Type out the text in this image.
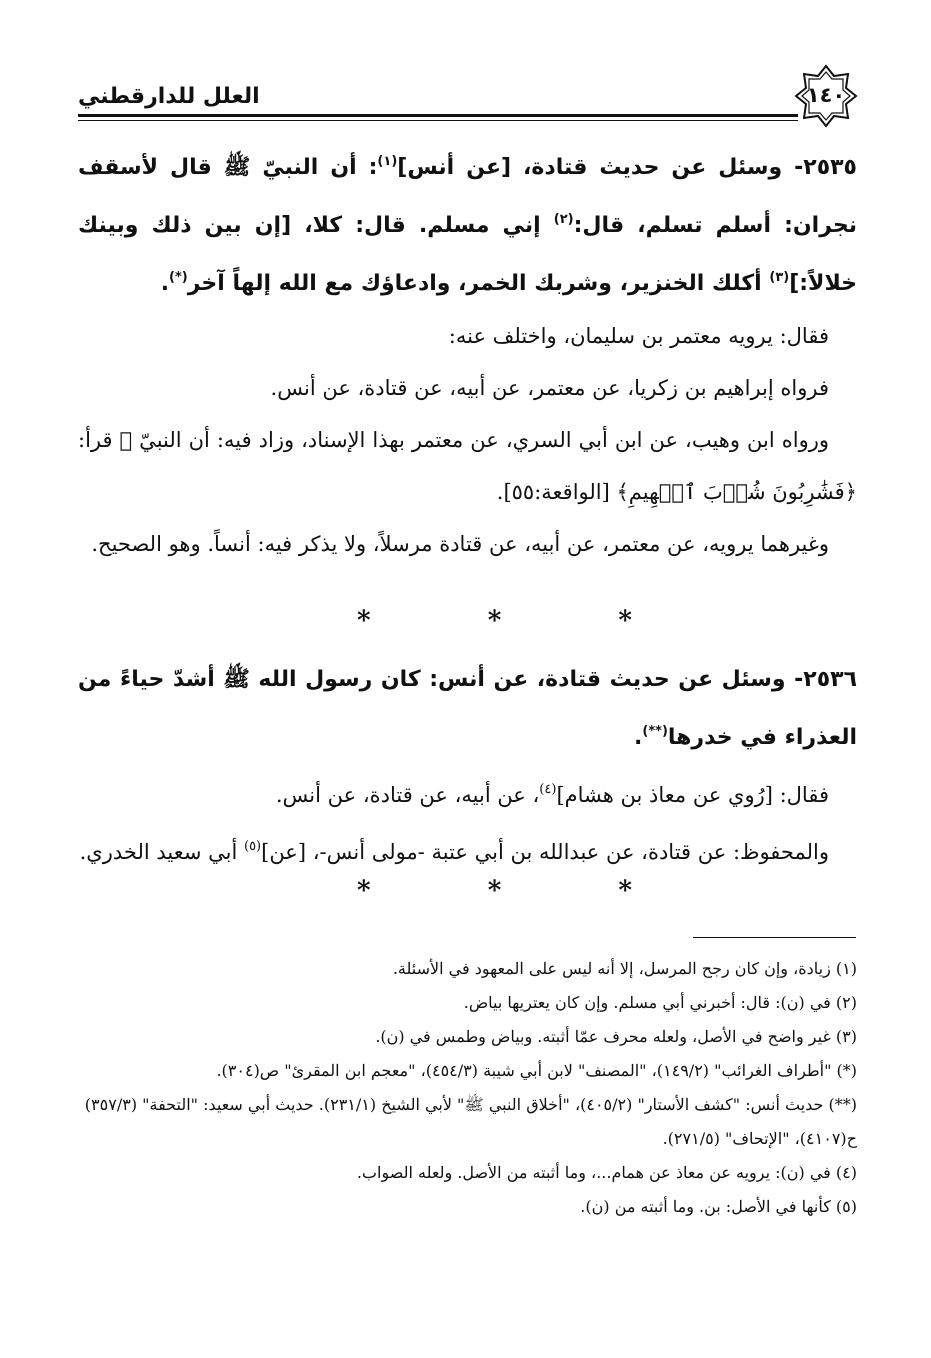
١٤٠
العلل للدارقطني

٢٥٣٥- وسئل عن حديث قتادة، [عن أنس]$^{(١)}$: أن النبيّ ﷺ قال لأسقف نجران: أسلم تسلم، قال:$^{(٢)}$ إني مسلم. قال: كلا، [إن بين ذلك وبينك خلالاً:]$^{(٣)}$ أكلك الخنزير، وشربك الخمر، وادعاؤك مع الله إلهاً آخر(*).

فقال: يرويه معتمر بن سليمان، واختلف عنه:

فرواه إبراهيم بن زكريا، عن معتمر، عن أبيه، عن قتادة، عن أنس.

ورواه ابن وهيب، عن ابن أبي السري، عن معتمر بهذا الإسناد، وزاد فيه: أن النبيّ ﷺ قرأ: ﴿فَشَٰرِبُونَ شُرۡبَ ٱلۡهِيمِ﴾ [الواقعة:٥٥].

وغيرهما يرويه، عن معتمر، عن أبيه، عن قتادة مرسلاً، ولا يذكر فيه: أنساً. وهو الصحيح.

* * *

٢٥٣٦- وسئل عن حديث قتادة، عن أنس: كان رسول الله ﷺ أشدّ حياءً من العذراء في خدرها(**).

فقال: [رُوي عن معاذ بن هشام]$^{(٤)}$، عن أبيه، عن قتادة، عن أنس.

والمحفوظ: عن قتادة، عن عبدالله بن أبي عتبة -مولى أنس-، [عن]$^{(٥)}$ أبي سعيد الخدري.

* * *

(١) زيادة، وإن كان رجح المرسل، إلا أنه ليس على المعهود في الأسئلة.

(٢) في (ن): قال: أخبرني أبي مسلم. وإن كان يعتريها بياض.

(٣) غير واضح في الأصل، ولعله محرف عمّا أثبته. وبياض وطمس في (ن).

(*) "أطراف الغرائب" (١٤٩/٢)، "المصنف" لابن أبي شيبة (٤٥٤/٣)، "معجم ابن المقرئ" ص(٣٠٤).

(**) حديث أنس: "كشف الأستار" (٤٠٥/٢)، "أخلاق النبي ﷺ" لأبي الشيخ (٢٣١/١). حديث أبي سعيد: "التحفة" (٣٥٧/٣) ح(٤١٠٧)، "الإتحاف" (٢٧١/٥).

(٤) في (ن): يرويه عن معاذ عن همام...، وما أثبته من الأصل. ولعله الصواب.

(٥) كأنها في الأصل: بن. وما أثبته من (ن).
